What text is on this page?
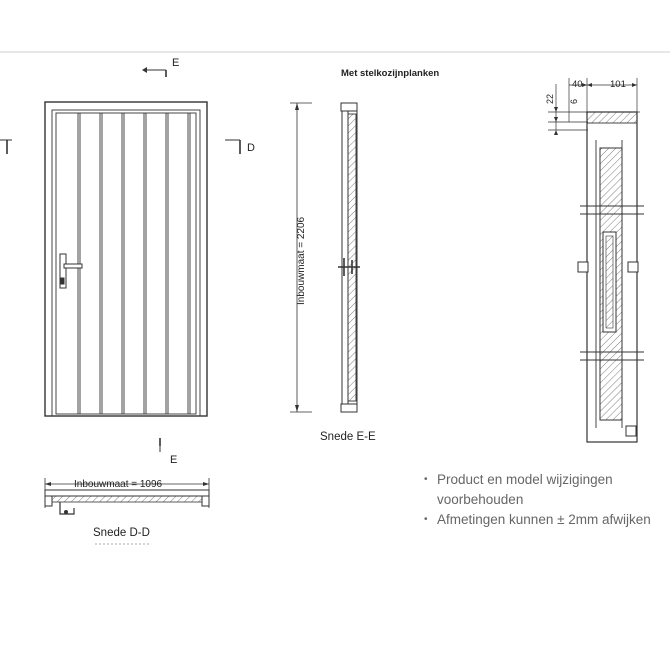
E
E
D
Inbouwmaat = 1096
Snede D-D
Inbouwmaat = 2206
Snede E-E
Met stelkozijnplanken
40	101
22 6
• Product en model wijzigingen voorbehouden
• Afmetingen kunnen ± 2mm afwijken
